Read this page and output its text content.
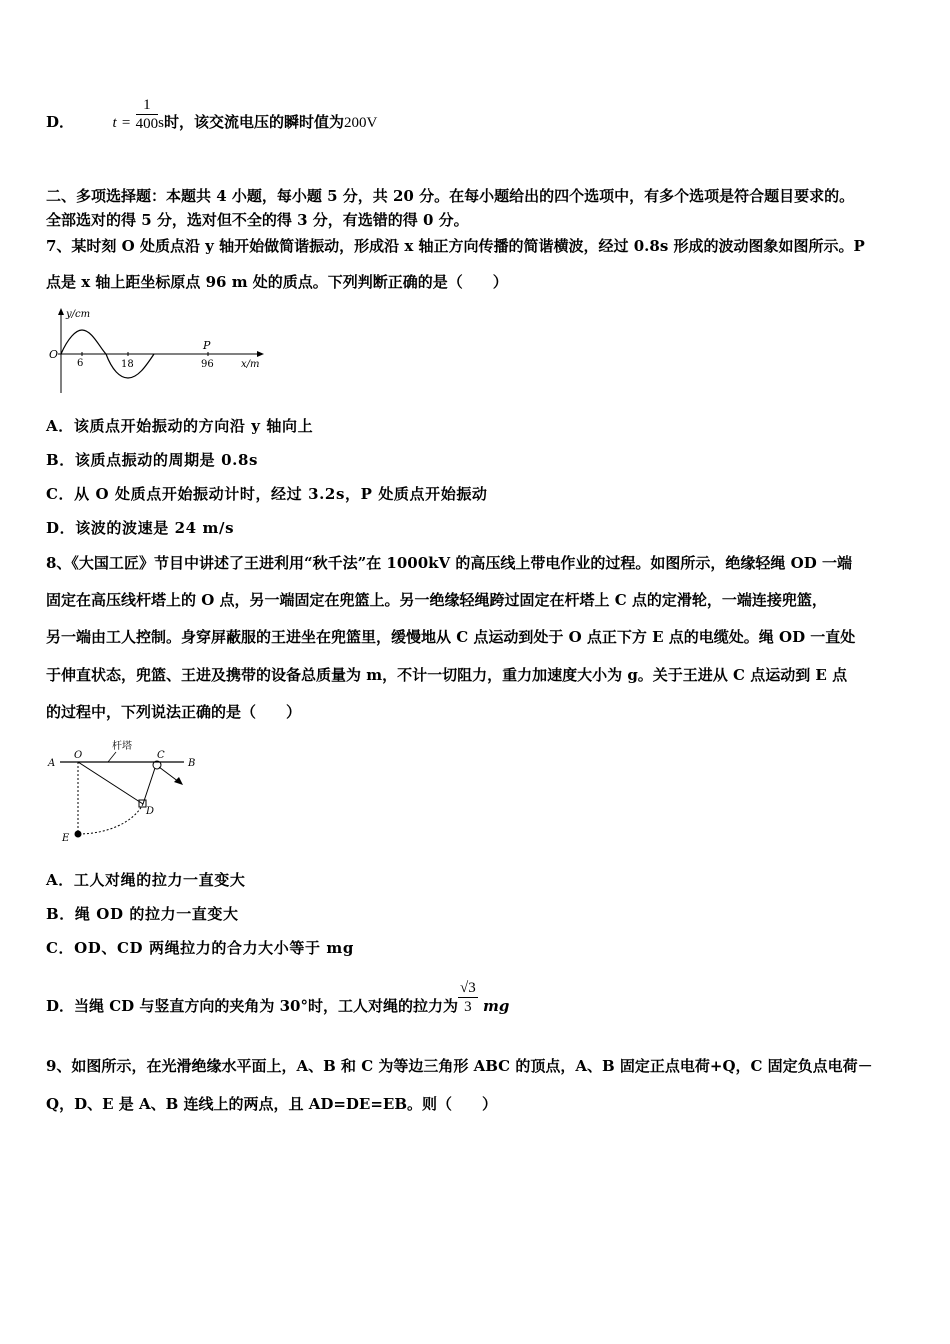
D．	$t = \frac{1}{400}$ s时，该交流电压的瞬时值为200V
二、多项选择题：本题共 4 小题，每小题 5 分，共 20 分。在每小题给出的四个选项中，有多个选项是符合题目要求的。
全部选对的得 5 分，选对但不全的得 3 分，有选错的得 0 分。
7、某时刻 O 处质点沿 y 轴开始做简谐振动，形成沿 x 轴正方向传播的简谐横波，经过 0.8s 形成的波动图象如图所示。P
点是 x 轴上距坐标原点 96 m 处的质点。下列判断正确的是（　　）
y/cm
O
6	18
P
96	x/m
A．该质点开始振动的方向沿 y 轴向上
B．该质点振动的周期是 0.8s
C．从 O 处质点开始振动计时，经过 3.2s，P 处质点开始振动
D．该波的波速是 24 m/s
8、《大国工匠》节目中讲述了王进利用“秋千法”在 1000kV 的高压线上带电作业的过程。如图所示，绝缘轻绳 OD 一端
固定在高压线杆塔上的 O 点，另一端固定在兜篮上。另一绝缘轻绳跨过固定在杆塔上 C 点的定滑轮，一端连接兜篮，
另一端由工人控制。身穿屏蔽服的王进坐在兜篮里，缓慢地从 C 点运动到处于 O 点正下方 E 点的电缆处。绳 OD 一直处
于伸直状态，兜篮、王进及携带的设备总质量为 m，不计一切阻力，重力加速度大小为 g。关于王进从 C 点运动到 E 点
的过程中，下列说法正确的是（　　）
A
O
杆塔
C
B
D
E
A．工人对绳的拉力一直变大
B．绳 OD 的拉力一直变大
C．OD、CD 两绳拉力的合力大小等于 mg
D．当绳 CD 与竖直方向的夹角为 30°时，工人对绳的拉力为 $\frac{√3}{3}$ mg
9、如图所示，在光滑绝缘水平面上，A、B 和 C 为等边三角形 ABC 的顶点，A、B 固定正点电荷+Q，C 固定负点电荷－
Q，D、E 是 A、B 连线上的两点，且 AD=DE=EB。则（　　）
